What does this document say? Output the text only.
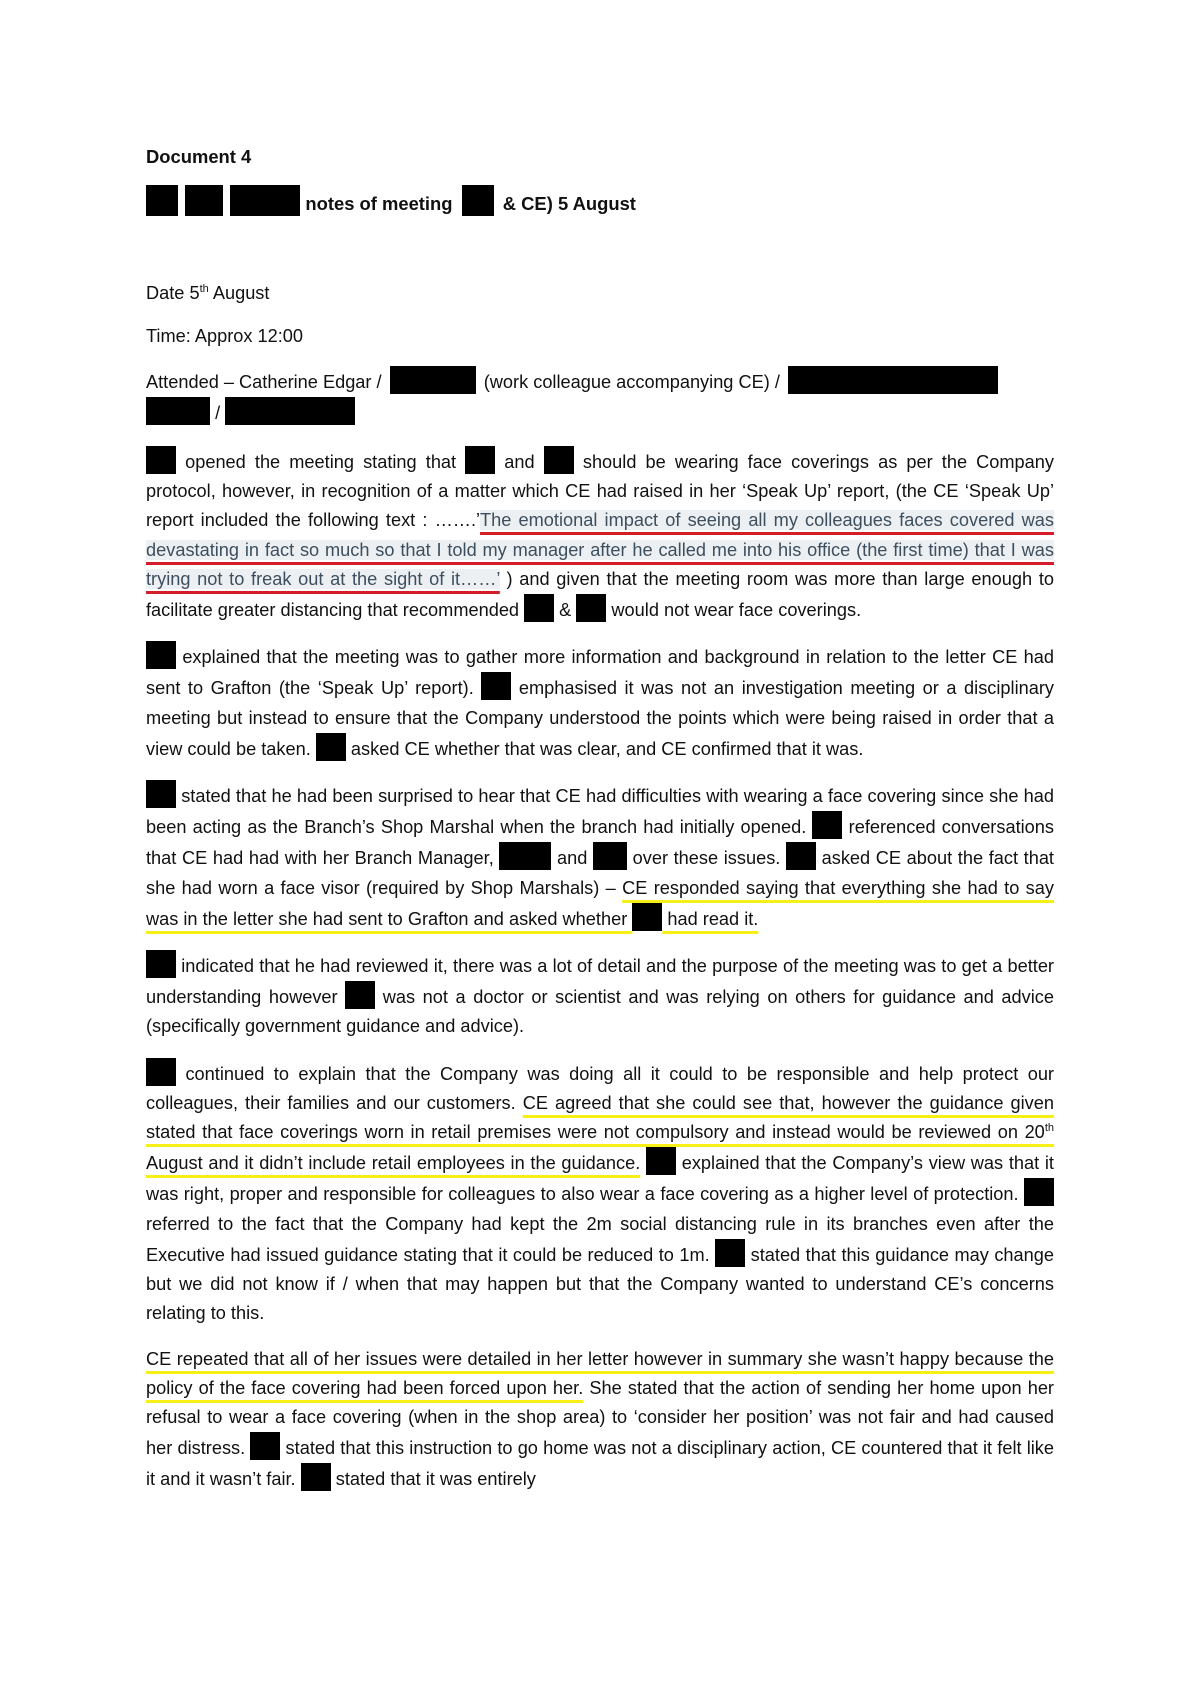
Document 4
notes of meeting	& CE) 5 August
Date 5th August
Time: Approx 12:00
Attended – Catherine Edgar /	(work colleague accompanying CE) /
/

opened the meeting stating that  and  should be wearing face coverings as per the Company protocol, however, in recognition of a matter which CE had raised in her ‘Speak Up’ report, (the CE ‘Speak Up’ report included the following text : …….’The emotional impact of seeing all my colleagues faces covered was devastating in fact so much so that I told my manager after he called me into his office (the first time) that I was trying not to freak out at the sight of it……’ ) and given that the meeting room was more than large enough to facilitate greater distancing that recommended  &  would not wear face coverings.

explained that the meeting was to gather more information and background in relation to the letter CE had sent to Grafton (the ‘Speak Up’ report).  emphasised it was not an investigation meeting or a disciplinary meeting but instead to ensure that the Company understood the points which were being raised in order that a view could be taken.  asked CE whether that was clear, and CE confirmed that it was.

stated that he had been surprised to hear that CE had difficulties with wearing a face covering since she had been acting as the Branch’s Shop Marshal when the branch had initially opened.  referenced conversations that CE had had with her Branch Manager,	and  over these issues.  asked CE about the fact that she had worn a face visor (required by Shop Marshals) – CE responded saying that everything she had to say was in the letter she had sent to Grafton and asked whether  had read it.

indicated that he had reviewed it, there was a lot of detail and the purpose of the meeting was to get a better understanding however  was not a doctor or scientist and was relying on others for guidance and advice (specifically government guidance and advice).

continued to explain that the Company was doing all it could to be responsible and help protect our colleagues, their families and our customers. CE agreed that she could see that, however the guidance given stated that face coverings worn in retail premises were not compulsory and instead would be reviewed on 20th August and it didn’t include retail employees in the guidance.  explained that the Company’s view was that it was right, proper and responsible for colleagues to also wear a face covering as a higher level of protection.  referred to the fact that the Company had kept the 2m social distancing rule in its branches even after the Executive had issued guidance stating that it could be reduced to 1m.  stated that this guidance may change but we did not know if / when that may happen but that the Company wanted to understand CE’s concerns relating to this.

CE repeated that all of her issues were detailed in her letter however in summary she wasn’t happy because the policy of the face covering had been forced upon her. She stated that the action of sending her home upon her refusal to wear a face covering (when in the shop area) to ‘consider her position’ was not fair and had caused her distress.  stated that this instruction to go home was not a disciplinary action, CE countered that it felt like it and it wasn’t fair.  stated that it was entirely
